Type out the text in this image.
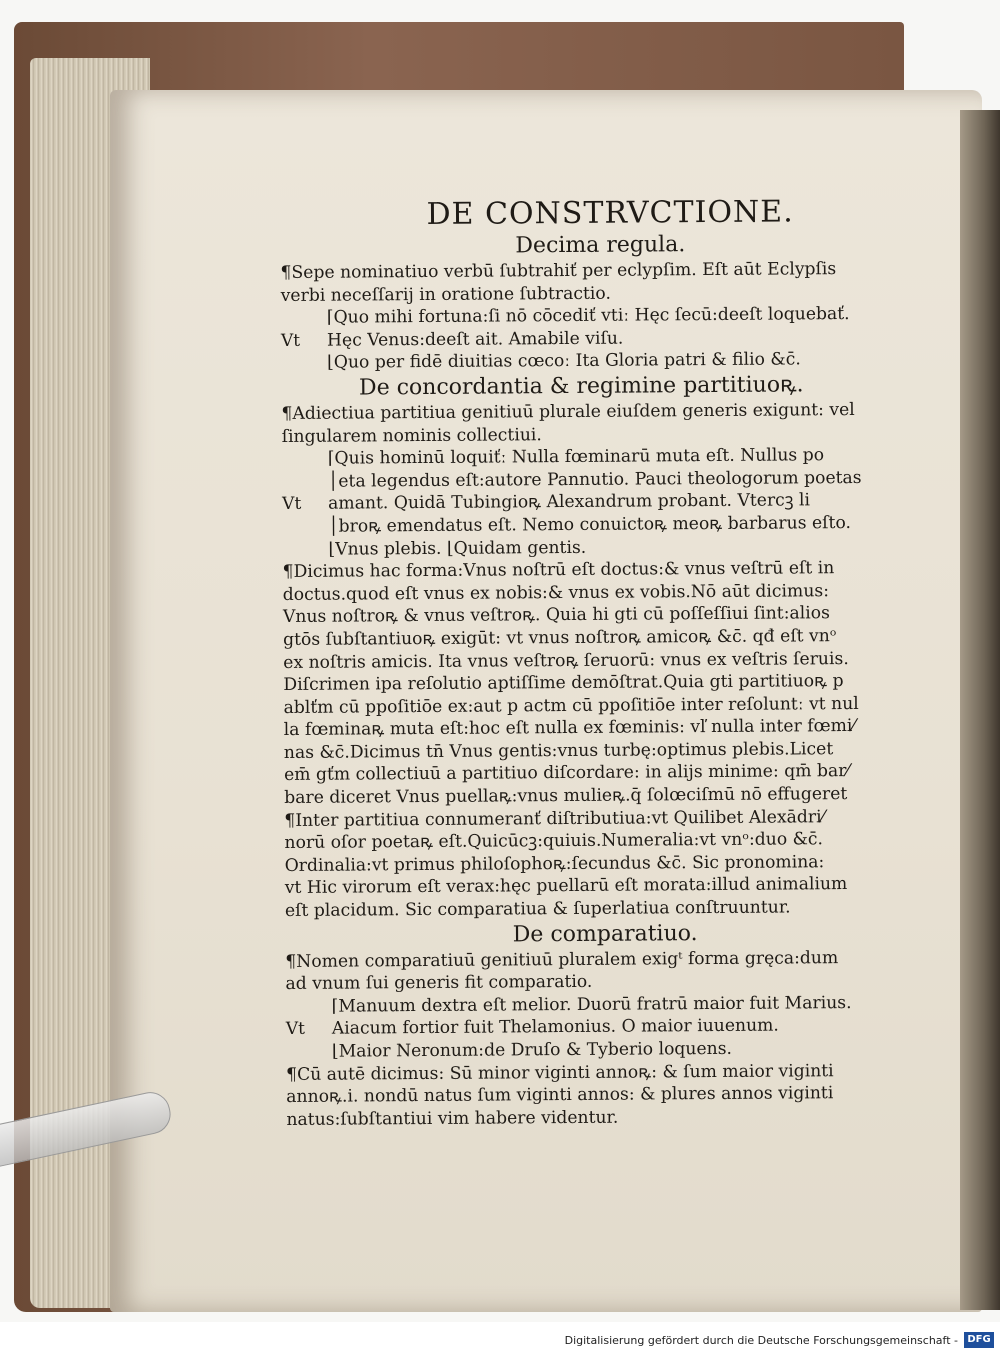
DE CONSTRVCTIONE.
Decima regula.
¶Sepe nominatiuo verbū ſubtrahiť per eclypſim. Eſt aūt Eclypſis
verbi neceſſarij in oratione ſubtractio.
Vt
⌈Quo mihi fortuna:ſi nō cōcediť vtiː Hęc ſecū:deeſt loquebať.
Hęc Venus:deeſt ait. Amabile viſu.
⌊Quo per fidē diuitias cœcoː Ita Gloria patri & filio &c̄.
De concordantia & regimine partitiuoꝶ.
¶Adiectiua partitiua genitiuū plurale eiuſdem generis exigunt: vel
ſingularem nominis collectiui.
Vt
⌈Quis hominū loquiťː Nulla fœminarū muta eſt. Nullus po
│eta legendus eſt:autore Pannutio. Pauci theologorum poetas
amant. Quidā Tubingioꝶ Alexandrum probant. Vtercꝫ li
│broꝶ emendatus eſt. Nemo conuictoꝶ meoꝶ barbarus eſto.
⌊Vnus plebis. ⌊Quidam gentis.
¶Dicimus hac forma:Vnus noſtrū eſt doctus:& vnus veſtrū eſt in
doctus.quod eſt vnus ex nobis:& vnus ex vobis.Nō aūt dicimus:
Vnus noſtroꝶ & vnus veſtroꝶ. Quia hi gti cū poſſeſſiui ſint:alios
gtōs ſubſtantiuoꝶ exigūt: vt vnus noſtroꝶ amicoꝶ &c̄. qđ eſt vnᵒ
ex noſtris amicis. Ita vnus veſtroꝶ ſeruorū: vnus ex veſtris ſeruis.
Diſcrimen ipa reſolutio aptiſſime demōſtrat.Quia gti partitiuoꝶ p
ablťm cū ppoſitiōe ex:aut p actm cū ppoſitiōe inter reſoluntː vt nul
la fœminaꝶ muta eſt:hoc eſt nulla ex fœminis: vľ nulla inter fœmi⁄
nas &c̄.Dicimus tn̄ Vnus gentis:vnus turbę:optimus plebis.Licet
em̄ gťm collectiuū a partitiuo diſcordare: in alijs minime: qm̄ bar⁄
bare diceret Vnus puellaꝶ:vnus mulieꝶ.q̄ ſolœciſmū nō effugeret
¶Inter partitiua connumeranť diſtributiua:vt Quilibet Alexādri⁄
norū oſor poetaꝶ eſt.Quicūcꝫ:quiuis.Numeralia:vt vnᵒ:duo &c̄.
Ordinalia:vt primus philoſophoꝶ:ſecundus &c̄. Sic pronomina:
vt Hic virorum eſt verax:hęc puellarū eſt morata:illud animalium
eſt placidum. Sic comparatiua & ſuperlatiua conſtruuntur.
De comparatiuo.
¶Nomen comparatiuū genitiuū pluralem exigᵗ forma gręca:dum
ad vnum ſui generis fit comparatio.
Vt
⌈Manuum dextra eſt melior. Duorū fratrū maior fuit Marius.
Aiacum fortior fuit Thelamonius. O maior iuuenum.
⌊Maior Neronum:de Druſo & Tyberio loquens.
¶Cū autē dicimus: Sū minor viginti annoꝶ: & ſum maior viginti
annoꝶ.i. nondū natus ſum viginti annos: & plures annos viginti
natus:ſubſtantiui vim habere videntur.
Digitalisierung gefördert durch die Deutsche Forschungsgemeinschaft - DFG
